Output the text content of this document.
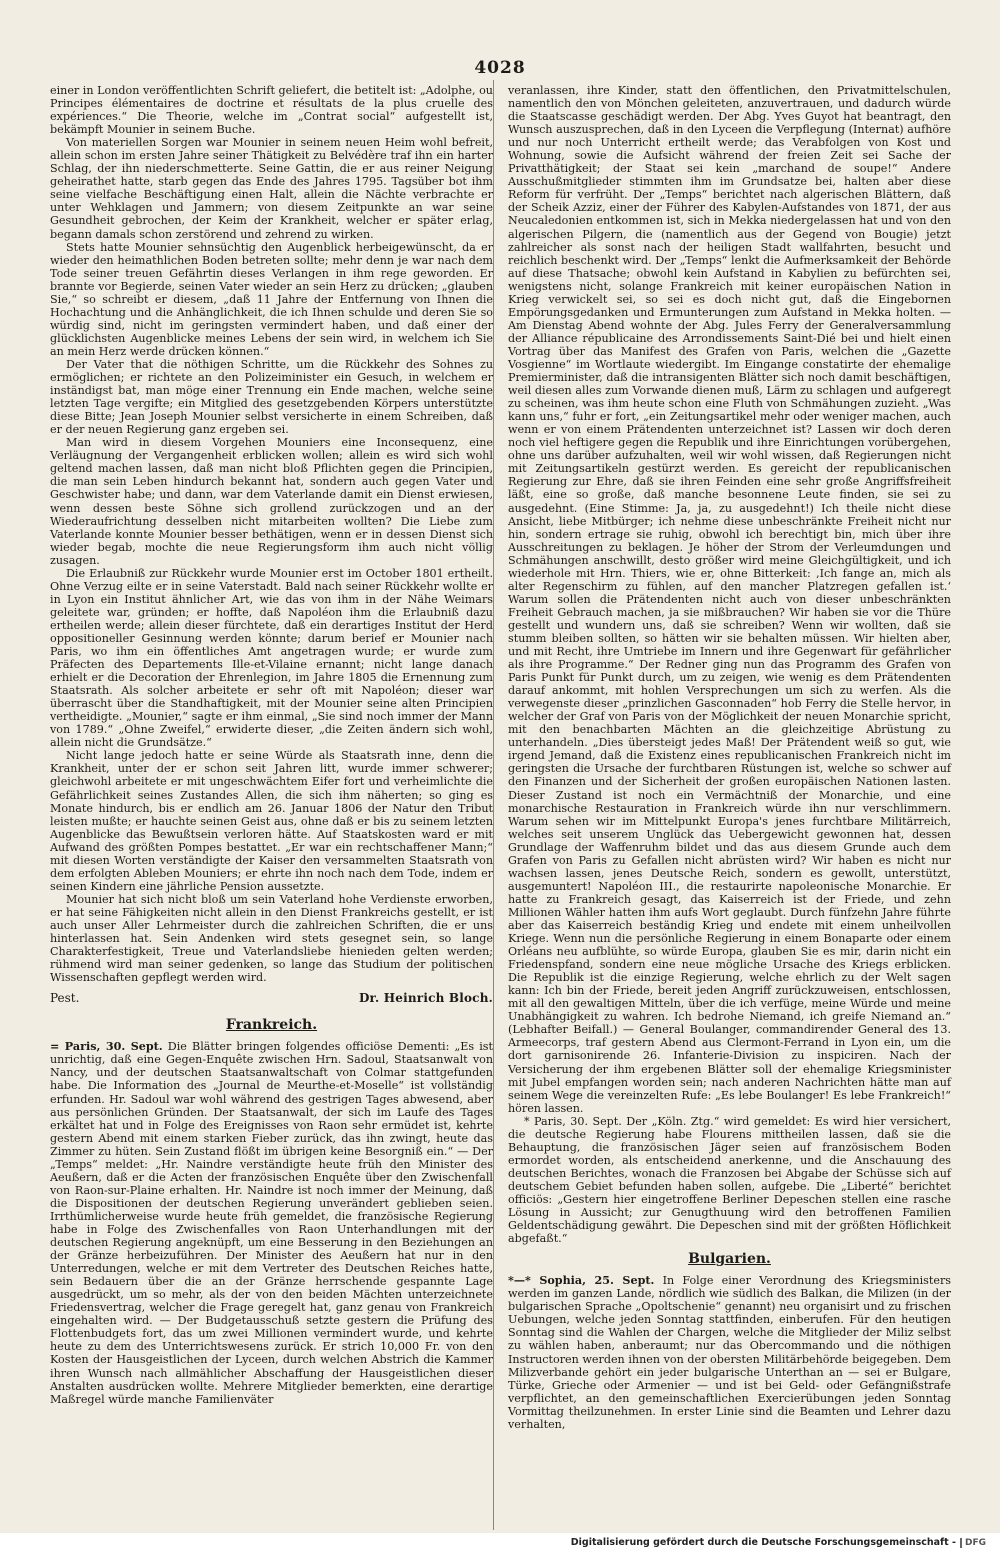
4028

einer in London veröffentlichten Schrift geliefert, die betitelt ist: „Adolphe, ou Principes élémentaires de doctrine et résultats de la plus cruelle des expériences.“ Die Theorie, welche im „Contrat social“ aufgestellt ist, bekämpft Mounier in seinem Buche.

Von materiellen Sorgen war Mounier in seinem neuen Heim wohl befreit, allein schon im ersten Jahre seiner Thätigkeit zu Belvédère traf ihn ein harter Schlag, der ihn niederschmetterte. Seine Gattin, die er aus reiner Neigung geheirathet hatte, starb gegen das Ende des Jahres 1795. Tagsüber bot ihm seine vielfache Beschäftigung einen Halt, allein die Nächte verbrachte er unter Wehklagen und Jammern; von diesem Zeitpunkte an war seine Gesundheit gebrochen, der Keim der Krankheit, welcher er später erlag, begann damals schon zerstörend und zehrend zu wirken.

Stets hatte Mounier sehnsüchtig den Augenblick herbeigewünscht, da er wieder den heimathlichen Boden betreten sollte; mehr denn je war nach dem Tode seiner treuen Gefährtin dieses Verlangen in ihm rege geworden. Er brannte vor Begierde, seinen Vater wieder an sein Herz zu drücken; „glauben Sie,“ so schreibt er diesem, „daß 11 Jahre der Entfernung von Ihnen die Hochachtung und die Anhänglichkeit, die ich Ihnen schulde und deren Sie so würdig sind, nicht im geringsten vermindert haben, und daß einer der glücklichsten Augenblicke meines Lebens der sein wird, in welchem ich Sie an mein Herz werde drücken können.“

Der Vater that die nöthigen Schritte, um die Rückkehr des Sohnes zu ermöglichen; er richtete an den Polizeiminister ein Gesuch, in welchem er inständigst bat, man möge einer Trennung ein Ende machen, welche seine letzten Tage vergifte; ein Mitglied des gesetzgebenden Körpers unterstützte diese Bitte; Jean Joseph Mounier selbst versicherte in einem Schreiben, daß er der neuen Regierung ganz ergeben sei.

Man wird in diesem Vorgehen Mouniers eine Inconsequenz, eine Verläugnung der Vergangenheit erblicken wollen; allein es wird sich wohl geltend machen lassen, daß man nicht bloß Pflichten gegen die Principien, die man sein Leben hindurch bekannt hat, sondern auch gegen Vater und Geschwister habe; und dann, war dem Vaterlande damit ein Dienst erwiesen, wenn dessen beste Söhne sich grollend zurückzogen und an der Wiederaufrichtung desselben nicht mitarbeiten wollten? Die Liebe zum Vaterlande konnte Mounier besser bethätigen, wenn er in dessen Dienst sich wieder begab, mochte die neue Regierungsform ihm auch nicht völlig zusagen.

Die Erlaubniß zur Rückkehr wurde Mounier erst im October 1801 ertheilt. Ohne Verzug eilte er in seine Vaterstadt. Bald nach seiner Rückkehr wollte er in Lyon ein Institut ähnlicher Art, wie das von ihm in der Nähe Weimars geleitete war, gründen; er hoffte, daß Napoléon ihm die Erlaubniß dazu ertheilen werde; allein dieser fürchtete, daß ein derartiges Institut der Herd oppositioneller Gesinnung werden könnte; darum berief er Mounier nach Paris, wo ihm ein öffentliches Amt angetragen wurde; er wurde zum Präfecten des Departements Ille-et-Vilaine ernannt; nicht lange danach erhielt er die Decoration der Ehrenlegion, im Jahre 1805 die Ernennung zum Staatsrath. Als solcher arbeitete er sehr oft mit Napoléon; dieser war überrascht über die Standhaftigkeit, mit der Mounier seine alten Principien vertheidigte. „Mounier,“ sagte er ihm einmal, „Sie sind noch immer der Mann von 1789.“ „Ohne Zweifel,“ erwiderte dieser, „die Zeiten ändern sich wohl, allein nicht die Grundsätze.“

Nicht lange jedoch hatte er seine Würde als Staatsrath inne, denn die Krankheit, unter der er schon seit Jahren litt, wurde immer schwerer; gleichwohl arbeitete er mit ungeschwächtem Eifer fort und verheimlichte die Gefährlichkeit seines Zustandes Allen, die sich ihm näherten; so ging es Monate hindurch, bis er endlich am 26. Januar 1806 der Natur den Tribut leisten mußte; er hauchte seinen Geist aus, ohne daß er bis zu seinem letzten Augenblicke das Bewußtsein verloren hätte. Auf Staatskosten ward er mit Aufwand des größten Pompes bestattet. „Er war ein rechtschaffener Mann;“ mit diesen Worten verständigte der Kaiser den versammelten Staatsrath von dem erfolgten Ableben Mouniers; er ehrte ihn noch nach dem Tode, indem er seinen Kindern eine jährliche Pension aussetzte.

Mounier hat sich nicht bloß um sein Vaterland hohe Verdienste erworben, er hat seine Fähigkeiten nicht allein in den Dienst Frankreichs gestellt, er ist auch unser Aller Lehrmeister durch die zahlreichen Schriften, die er uns hinterlassen hat. Sein Andenken wird stets gesegnet sein, so lange Charakterfestigkeit, Treue und Vaterlandsliebe hienieden gelten werden; rühmend wird man seiner gedenken, so lange das Studium der politischen Wissenschaften gepflegt werden wird.

Pest.	Dr. Heinrich Bloch.
Frankreich.

= Paris, 30. Sept. Die Blätter bringen folgendes officiöse Dementi: „Es ist unrichtig, daß eine Gegen-Enquête zwischen Hrn. Sadoul, Staatsanwalt von Nancy, und der deutschen Staatsanwaltschaft von Colmar stattgefunden habe. Die Information des „Journal de Meurthe-et-Moselle“ ist vollständig erfunden. Hr. Sadoul war wohl während des gestrigen Tages abwesend, aber aus persönlichen Gründen. Der Staatsanwalt, der sich im Laufe des Tages erkältet hat und in Folge des Ereignisses von Raon sehr ermüdet ist, kehrte gestern Abend mit einem starken Fieber zurück, das ihn zwingt, heute das Zimmer zu hüten. Sein Zustand flößt im übrigen keine Besorgniß ein.“ — Der „Temps“ meldet: „Hr. Naindre verständigte heute früh den Minister des Aeußern, daß er die Acten der französischen Enquête über den Zwischenfall von Raon-sur-Plaine erhalten. Hr. Naindre ist noch immer der Meinung, daß die Dispositionen der deutschen Regierung unverändert geblieben seien. Irrthümlicherweise wurde heute früh gemeldet, die französische Regierung habe in Folge des Zwischenfalles von Raon Unterhandlungen mit der deutschen Regierung angeknüpft, um eine Besserung in den Beziehungen an der Gränze herbeizuführen. Der Minister des Aeußern hat nur in den Unterredungen, welche er mit dem Vertreter des Deutschen Reiches hatte, sein Bedauern über die an der Gränze herrschende gespannte Lage ausgedrückt, um so mehr, als der von den beiden Mächten unterzeichnete Friedensvertrag, welcher die Frage geregelt hat, ganz genau von Frankreich eingehalten wird. — Der Budgetausschuß setzte gestern die Prüfung des Flottenbudgets fort, das um zwei Millionen vermindert wurde, und kehrte heute zu dem des Unterrichtswesens zurück. Er strich 10,000 Fr. von den Kosten der Hausgeistlichen der Lyceen, durch welchen Abstrich die Kammer ihren Wunsch nach allmählicher Abschaffung der Hausgeistlichen dieser Anstalten ausdrücken wollte. Mehrere Mitglieder bemerkten, eine derartige Maßregel würde manche Familienväter

veranlassen, ihre Kinder, statt den öffentlichen, den Privatmittelschulen, namentlich den von Mönchen geleiteten, anzuvertrauen, und dadurch würde die Staatscasse geschädigt werden. Der Abg. Yves Guyot hat beantragt, den Wunsch auszusprechen, daß in den Lyceen die Verpflegung (Internat) aufhöre und nur noch Unterricht ertheilt werde; das Verabfolgen von Kost und Wohnung, sowie die Aufsicht während der freien Zeit sei Sache der Privatthätigkeit; der Staat sei kein „marchand de soupe!“ Andere Ausschußmitglieder stimmten ihm im Grundsatze bei, halten aber diese Reform für verfrüht. Der „Temps“ berichtet nach algerischen Blättern, daß der Scheik Azziz, einer der Führer des Kabylen-Aufstandes von 1871, der aus Neucaledonien entkommen ist, sich in Mekka niedergelassen hat und von den algerischen Pilgern, die (namentlich aus der Gegend von Bougie) jetzt zahlreicher als sonst nach der heiligen Stadt wallfahrten, besucht und reichlich beschenkt wird. Der „Temps“ lenkt die Aufmerksamkeit der Behörde auf diese Thatsache; obwohl kein Aufstand in Kabylien zu befürchten sei, wenigstens nicht, solange Frankreich mit keiner europäischen Nation in Krieg verwickelt sei, so sei es doch nicht gut, daß die Eingebornen Empörungsgedanken und Ermunterungen zum Aufstand in Mekka holten. — Am Dienstag Abend wohnte der Abg. Jules Ferry der Generalversammlung der Alliance républicaine des Arrondissements Saint-Dié bei und hielt einen Vortrag über das Manifest des Grafen von Paris, welchen die „Gazette Vosgienne“ im Wortlaute wiedergibt. Im Eingange constatirte der ehemalige Premierminister, daß die intransigenten Blätter sich noch damit beschäftigen, weil diesen alles zum Vorwande dienen muß, Lärm zu schlagen und aufgeregt zu scheinen, was ihm heute schon eine Fluth von Schmähungen zuzieht. „Was kann uns,“ fuhr er fort, „ein Zeitungsartikel mehr oder weniger machen, auch wenn er von einem Prätendenten unterzeichnet ist? Lassen wir doch deren noch viel heftigere gegen die Republik und ihre Einrichtungen vorübergehen, ohne uns darüber aufzuhalten, weil wir wohl wissen, daß Regierungen nicht mit Zeitungsartikeln gestürzt werden. Es gereicht der republicanischen Regierung zur Ehre, daß sie ihren Feinden eine sehr große Angriffsfreiheit läßt, eine so große, daß manche besonnene Leute finden, sie sei zu ausgedehnt. (Eine Stimme: Ja, ja, zu ausgedehnt!) Ich theile nicht diese Ansicht, liebe Mitbürger; ich nehme diese unbeschränkte Freiheit nicht nur hin, sondern ertrage sie ruhig, obwohl ich berechtigt bin, mich über ihre Ausschreitungen zu beklagen. Je höher der Strom der Verleumdungen und Schmähungen anschwillt, desto größer wird meine Gleichgültigkeit, und ich wiederhole mit Hrn. Thiers, wie er, ohne Bitterkeit: ‚Ich fange an, mich als alter Regenschirm zu fühlen, auf den mancher Platzregen gefallen ist.‘ Warum sollen die Prätendenten nicht auch von dieser unbeschränkten Freiheit Gebrauch machen, ja sie mißbrauchen? Wir haben sie vor die Thüre gestellt und wundern uns, daß sie schreiben? Wenn wir wollten, daß sie stumm bleiben sollten, so hätten wir sie behalten müssen. Wir hielten aber, und mit Recht, ihre Umtriebe im Innern und ihre Gegenwart für gefährlicher als ihre Programme.“ Der Redner ging nun das Programm des Grafen von Paris Punkt für Punkt durch, um zu zeigen, wie wenig es dem Prätendenten darauf ankommt, mit hohlen Versprechungen um sich zu werfen. Als die verwegenste dieser „prinzlichen Gasconnaden“ hob Ferry die Stelle hervor, in welcher der Graf von Paris von der Möglichkeit der neuen Monarchie spricht, mit den benachbarten Mächten an die gleichzeitige Abrüstung zu unterhandeln. „Dies übersteigt jedes Maß! Der Prätendent weiß so gut, wie irgend Jemand, daß die Existenz eines republicanischen Frankreich nicht im geringsten die Ursache der furchtbaren Rüstungen ist, welche so schwer auf den Finanzen und der Sicherheit der großen europäischen Nationen lasten. Dieser Zustand ist noch ein Vermächtniß der Monarchie, und eine monarchische Restauration in Frankreich würde ihn nur verschlimmern. Warum sehen wir im Mittelpunkt Europa's jenes furchtbare Militärreich, welches seit unserem Unglück das Uebergewicht gewonnen hat, dessen Grundlage der Waffenruhm bildet und das aus diesem Grunde auch dem Grafen von Paris zu Gefallen nicht abrüsten wird? Wir haben es nicht nur wachsen lassen, jenes Deutsche Reich, sondern es gewollt, unterstützt, ausgemuntert! Napoléon III., die restaurirte napoleonische Monarchie. Er hatte zu Frankreich gesagt, das Kaiserreich ist der Friede, und zehn Millionen Wähler hatten ihm aufs Wort geglaubt. Durch fünfzehn Jahre führte aber das Kaiserreich beständig Krieg und endete mit einem unheilvollen Kriege. Wenn nun die persönliche Regierung in einem Bonaparte oder einem Orléans neu aufblühte, so würde Europa, glauben Sie es mir, darin nicht ein Friedenspfand, sondern eine neue mögliche Ursache des Kriegs erblicken. Die Republik ist die einzige Regierung, welche ehrlich zu der Welt sagen kann: Ich bin der Friede, bereit jeden Angriff zurückzuweisen, entschlossen, mit all den gewaltigen Mitteln, über die ich verfüge, meine Würde und meine Unabhängigkeit zu wahren. Ich bedrohe Niemand, ich greife Niemand an.“ (Lebhafter Beifall.) — General Boulanger, commandirender General des 13. Armeecorps, traf gestern Abend aus Clermont-Ferrand in Lyon ein, um die dort garnisonirende 26. Infanterie-Division zu inspiciren. Nach der Versicherung der ihm ergebenen Blätter soll der ehemalige Kriegsminister mit Jubel empfangen worden sein; nach anderen Nachrichten hätte man auf seinem Wege die vereinzelten Rufe: „Es lebe Boulanger! Es lebe Frankreich!“ hören lassen.

* Paris, 30. Sept. Der „Köln. Ztg.“ wird gemeldet: Es wird hier versichert, die deutsche Regierung habe Flourens mittheilen lassen, daß sie die Behauptung, die französischen Jäger seien auf französischem Boden ermordet worden, als entscheidend anerkenne, und die Anschauung des deutschen Berichtes, wonach die Franzosen bei Abgabe der Schüsse sich auf deutschem Gebiet befunden haben sollen, aufgebe. Die „Liberté“ berichtet officiös: „Gestern hier eingetroffene Berliner Depeschen stellen eine rasche Lösung in Aussicht; zur Genugthuung wird den betroffenen Familien Geldentschädigung gewährt. Die Depeschen sind mit der größten Höflichkeit abgefaßt.“

Bulgarien.

*—* Sophia, 25. Sept. In Folge einer Verordnung des Kriegsministers werden im ganzen Lande, nördlich wie südlich des Balkan, die Milizen (in der bulgarischen Sprache „Opoltschenie“ genannt) neu organisirt und zu frischen Uebungen, welche jeden Sonntag stattfinden, einberufen. Für den heutigen Sonntag sind die Wahlen der Chargen, welche die Mitglieder der Miliz selbst zu wählen haben, anberaumt; nur das Obercommando und die nöthigen Instructoren werden ihnen von der obersten Militärbehörde beigegeben. Dem Milizverbande gehört ein jeder bulgarische Unterthan an — sei er Bulgare, Türke, Grieche oder Armenier — und ist bei Geld- oder Gefängnißstrafe verpflichtet, an den gemeinschaftlichen Exercierübungen jeden Sonntag Vormittag theilzunehmen. In erster Linie sind die Beamten und Lehrer dazu verhalten,

Digitalisierung gefördert durch die Deutsche Forschungsgemeinschaft -	DFG
